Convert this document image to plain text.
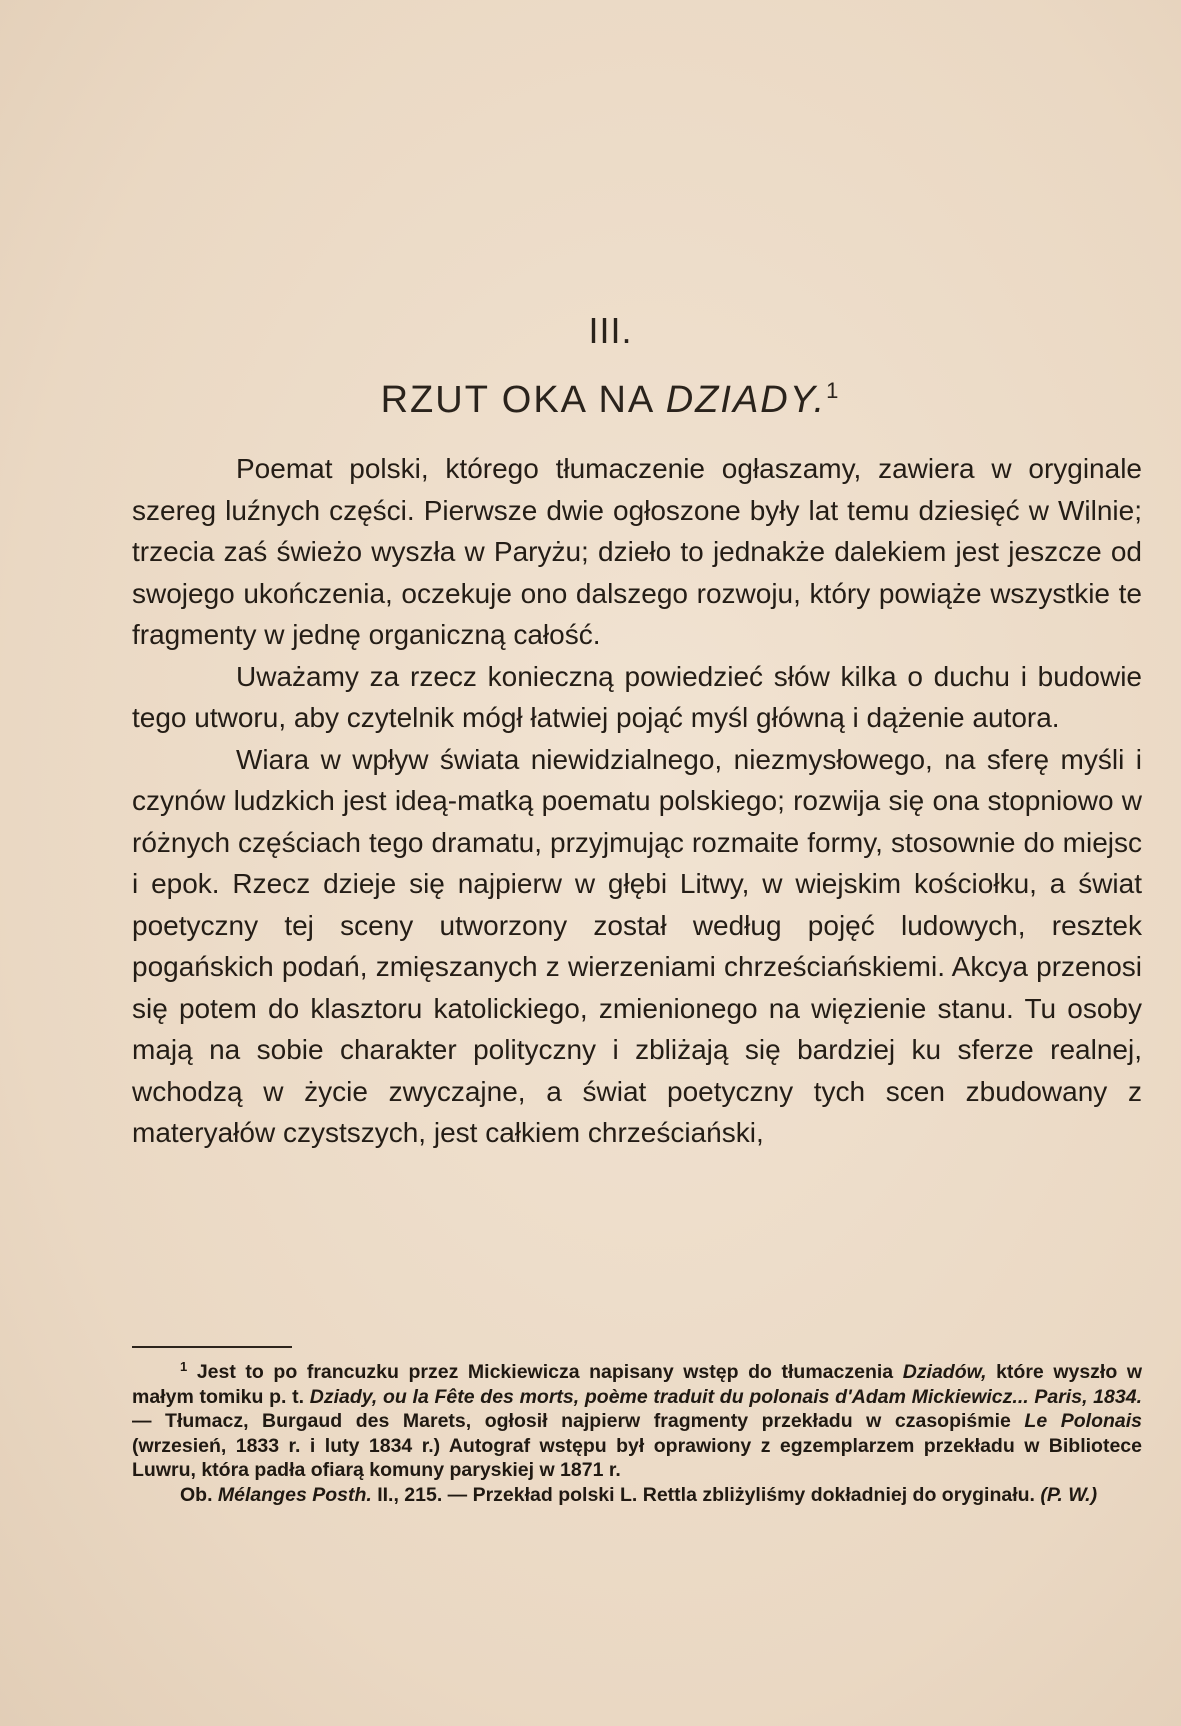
III.
RZUT OKA NA DZIADY.$^1$

Poemat polski, którego tłumaczenie ogłaszamy, zawiera w oryginale szereg luźnych części. Pierwsze dwie ogłoszone były lat temu dziesięć w Wilnie; trzecia zaś świeżo wyszła w Paryżu; dzieło to jednakże dalekiem jest jeszcze od swojego ukończenia, oczekuje ono dalszego rozwoju, który powiąże wszystkie te fragmenty w jednę organiczną całość.

Uważamy za rzecz konieczną powiedzieć słów kilka o duchu i budowie tego utworu, aby czytelnik mógł łatwiej pojąć myśl główną i dążenie autora.

Wiara w wpływ świata niewidzialnego, niezmysłowego, na sferę myśli i czynów ludzkich jest ideą-matką poematu polskiego; rozwija się ona stopniowo w różnych częściach tego dramatu, przyjmując rozmaite formy, stosownie do miejsc i epok. Rzecz dzieje się najpierw w głębi Litwy, w wiejskim kościołku, a świat poetyczny tej sceny utworzony został według pojęć ludowych, resztek pogańskich podań, zmięszanych z wierzeniami chrześciańskiemi. Akcya przenosi się potem do klasztoru katolickiego, zmienionego na więzienie stanu. Tu osoby mają na sobie charakter polityczny i zbliżają się bardziej ku sferze realnej, wchodzą w życie zwyczajne, a świat poetyczny tych scen zbudowany z materyałów czystszych, jest całkiem chrześciański,

$^1$ Jest to po francuzku przez Mickiewicza napisany wstęp do tłumaczenia Dziadów, które wyszło w małym tomiku p. t. Dziady, ou la Fête des morts, poème traduit du polonais d'Adam Mickiewicz... Paris, 1834. — Tłumacz, Burgaud des Marets, ogłosił najpierw fragmenty przekładu w czasopiśmie Le Polonais (wrzesień, 1833 r. i luty 1834 r.) Autograf wstępu był oprawiony z egzemplarzem przekładu w Bibliotece Luwru, która padła ofiarą komuny paryskiej w 1871 r.

Ob. Mélanges Posth. II., 215. — Przekład polski L. Rettla zbliżyliśmy dokładniej do oryginału. (P. W.)
